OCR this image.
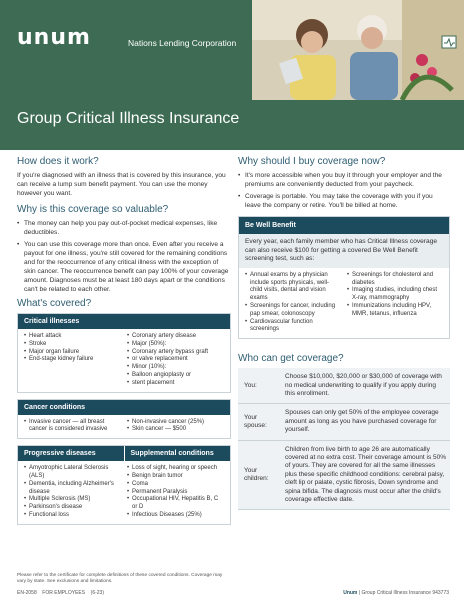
unum	Nations Lending Corporation
Group Critical Illness Insurance
How does it work?

If you're diagnosed with an illness that is covered by this insurance, you can receive a lump sum benefit payment. You can use the money however you want.

Why is this coverage so valuable?
• The money can help you pay out-of-pocket medical expenses, like deductibles.
• You can use this coverage more than once. Even after you receive a payout for one illness, you're still covered for the remaining conditions and for the reoccurrence of any critical illness with the exception of skin cancer. The reoccurrence benefit can pay 100% of your coverage amount. Diagnoses must be at least 180 days apart or the conditions can't be related to each other.
What's covered?
Critical illnesses
• Heart attack
• Stroke
• Major organ failure
• End-stage kidney failure
• Coronary artery disease
• Major (50%):
• Coronary artery bypass graft
• or valve replacement
• Minor (10%):
• Balloon angioplasty or
• stent placement
Cancer conditions
• Invasive cancer — all breast cancer is considered invasive
• Non-invasive cancer (25%)
• Skin cancer — $500
Progressive diseases	Supplemental conditions
• Amyotrophic Lateral Sclerosis (ALS)
• Dementia, including Alzheimer's disease
• Multiple Sclerosis (MS)
• Parkinson's disease
• Functional loss
• Loss of sight, hearing or speech
• Benign brain tumor
• Coma
• Permanent Paralysis
• Occupational HIV, Hepatitis B, C or D
• Infectious Diseases (25%)
Why should I buy coverage now?
• It's more accessible when you buy it through your employer and the premiums are conveniently deducted from your paycheck.
• Coverage is portable. You may take the coverage with you if you leave the company or retire. You'll be billed at home.
Be Well Benefit
Every year, each family member who has Critical Illness coverage can also receive $100 for getting a covered Be Well Benefit screening test, such as:
• Annual exams by a physician include sports physicals, well-child visits, dental and vision exams
• Screenings for cancer, including pap smear, colonoscopy
• Cardiovascular function screenings
• Screenings for cholesterol and diabetes
• Imaging studies, including chest X-ray, mammography
• Immunizations including HPV, MMR, tetanus, influenza
Who can get coverage?
You:	Choose $10,000, $20,000 or $30,000 of coverage with no medical underwriting to qualify if you apply during this enrollment.
Your spouse:	Spouses can only get 50% of the employee coverage amount as long as you have purchased coverage for yourself.
Your children:	Children from live birth to age 26 are automatically covered at no extra cost. Their coverage amount is 50% of yours. They are covered for all the same illnesses plus these specific childhood conditions: cerebral palsy, cleft lip or palate, cystic fibrosis, Down syndrome and spina bifida. The diagnosis must occur after the child's coverage effective date.
Please refer to the certificate for complete definitions of these covered conditions. Coverage may vary by state. See exclusions and limitations.
EN-2058 FOR EMPLOYEES (6-23)	Unum | Group Critical Illness Insurance 943773
